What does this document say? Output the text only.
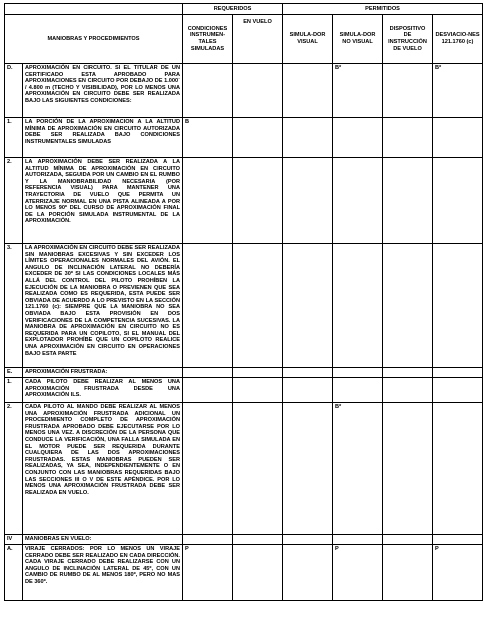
		REQUERIDOS		PERMITIDOS			
MANIOBRAS Y PROCEDIMIENTOS		CONDICIONES INSTRUMEN-TALES SIMULADAS	EN VUELO	SIMULA-DOR VISUAL	SIMULA-DOR NO VISUAL	DISPOSITIVO DE INSTRUCCIÓN DE VUELO	DESVIACIO-NES 121.1760 (c)
D.	APROXIMACIÓN EN CIRCUITO. SI EL TITULAR DE UN CERTIFICADO ESTA APROBADO PARA APROXIMACIONES EN CIRCUITO POR DEBAJO DE 1.000´ / 4.800 m (TECHO Y VISIBILIDAD), POR LO MENOS UNA APROXIMACIÓN EN CIRCUITO DEBE SER REALIZADA BAJO LAS SIGUIENTES CONDICIONES:				B*		B*
1.	LA PORCIÓN DE LA APROXIMACION A LA ALTITUD MÍNIMA DE APROXIMACIÓN EN CIRCUITO AUTORIZADA DEBE SER REALIZADA BAJO CONDICIONES INSTRUMENTALES SIMULADAS	B					
2.	LA APROXIMACIÓN DEBE SER REALIZADA A LA ALTITUD MÍNIMA DE APROXIMACIÓN EN CIRCUITO AUTORIZADA, SEGUIDA POR UN CAMBIO EN EL RUMBO Y LA MANIOBRABILIDAD NECESARIA (POR REFERENCIA VISUAL) PARA MANTENER UNA TRAYECTORIA DE VUELO QUE PERMITA UN ATERRIZAJE NORMAL EN UNA PISTA ALINEADA A POR LO MENOS 90º DEL CURSO DE APROXIMACIÓN FINAL DE LA PORCIÓN SIMULADA INSTRUMENTAL DE LA APROXIMACIÓN.						
3.	LA APROXIMACIÓN EN CIRCUITO DEBE SER REALIZADA SIN MANIOBRAS EXCESIVAS Y SIN EXCEDER LOS LÍMITES OPERACIONALES NORMALES DEL AVIÓN. EL ANGULO DE INCLINACIÓN LATERAL NO DEBERÍA EXCEDER DE 30º SI LAS CONDICIONES LOCALES MÁS ALLÁ DEL CONTROL DEL PILOTO PROHÍBEN LA EJECUCIÓN DE LA MANIOBRA O PREVIENEN QUE SEA REALIZADA COMO ES REQUERIDA, ESTA PUEDE SER OBVIADA DE ACUERDO A LO PREVISTO EN LA SECCIÓN 121.1760 (c): SIEMPRE QUE LA MANIOBRA NO SEA OBVIADA BAJO ESTA PROVISIÓN EN DOS VERIFICACIONES DE LA COMPETENCIA SUCESIVAS. LA MANIOBRA DE APROXIMACIÓN EN CIRCUITO NO ES REQUERIDA PARA UN COPILOTO, SI EL MANUAL DEL EXPLOTADOR PROHÍBE QUE UN COPILOTO REALICE UNA APROXIMACIÓN EN CIRCUITO EN OPERACIONES BAJO ESTA PARTE						
E.	APROXIMACIÓN FRUSTRADA:						
1.	CADA PILOTO DEBE REALIZAR AL MENOS UNA APROXIMACIÓN FRUSTRADA DESDE UNA APROXIMACIÓN ILS.						
2.	CADA PILOTO AL MANDO DEBE REALIZAR AL MENOS UNA APROXIMACIÓN FRUSTRADA ADICIONAL UN PROCEDIMIENTO COMPLETO DE APROXIMACIÓN FRUSTRADA APROBADO DEBE EJECUTARSE POR LO MENOS UNA VEZ. A DISCRECIÓN DE LA PERSONA QUE CONDUCE LA VERIFICACIÓN, UNA FALLA SIMULADA EN EL MOTOR PUEDE SER REQUERIDA DURANTE CUALQUIERA DE LAS DOS APROXIMACIONES FRUSTRADAS. ESTAS MANIOBRAS PUEDEN SER REALIZADAS, YA SEA, INDEPENDIENTEMENTE O EN CONJUNTO CON LAS MANIOBRAS REQUERIDAS BAJO LAS SECCIONES III O V DE ESTE APÉNDICE. POR LO MENOS UNA APROXIMACIÓN FRUSTRADA DEBE SER REALIZADA EN VUELO.				B*		
IV	MANIOBRAS EN VUELO:						
A.	VIRAJE CERRADOS: POR LO MENOS UN VIRAJE CERRADO DEBE SER REALIZADO EN CADA DIRECCIÓN. CADA VIRAJE CERRADO DEBE REALIZARSE CON UN ANGULO DE INCLINACIÓN LATERAL DE 45º, CON UN CAMBIO DE RUMBO DE AL MENOS 180º, PERO NO MAS DE 360º.	P			P		P
